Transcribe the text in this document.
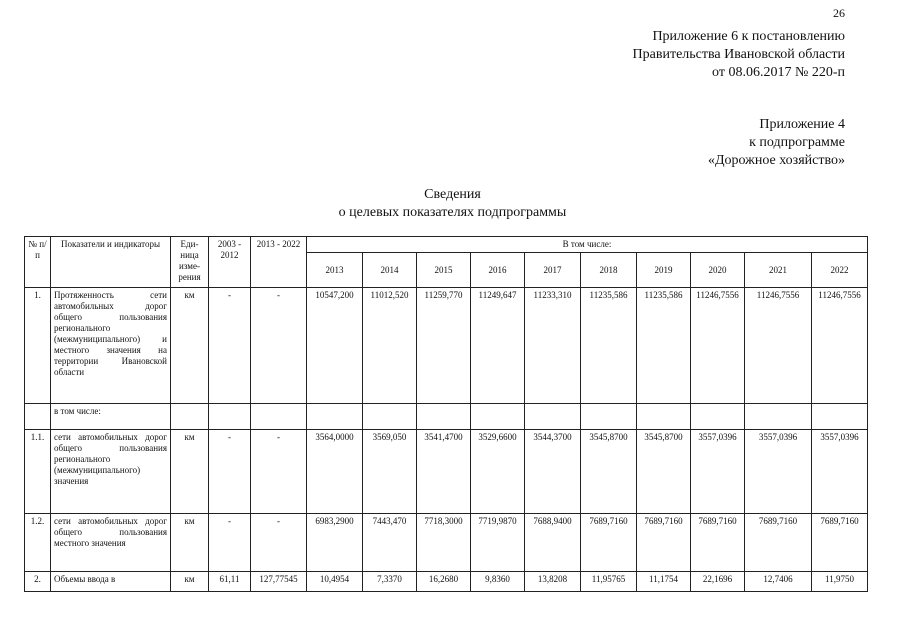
26
Приложение 6 к постановлению
Правительства Ивановской области
от 08.06.2017 № 220-п
Приложение 4
к подпрограмме
«Дорожное хозяйство»
Сведения
о целевых показателях подпрограммы
№ п/п	Показатели и индикаторы	Еди-ница изме-рения	2003 - 2012	2013 - 2022	В том числе:									
					2013	2014	2015	2016	2017	2018	2019	2020	2021	2022
1.	Протяженность сети автомобильных дорог общего пользования регионального (межмуниципального) и местного значения на территории Ивановской области	км	-	-	10547,200	11012,520	11259,770	11249,647	11233,310	11235,586	11235,586	11246,7556	11246,7556	11246,7556
	в том числе:													
1.1.	сети автомобильных дорог общего пользования регионального (межмуниципального) значения	км	-	-	3564,0000	3569,050	3541,4700	3529,6600	3544,3700	3545,8700	3545,8700	3557,0396	3557,0396	3557,0396
1.2.	сети автомобильных дорог общего пользования местного значения	км	-	-	6983,2900	7443,470	7718,3000	7719,9870	7688,9400	7689,7160	7689,7160	7689,7160	7689,7160	7689,7160
2.	Объемы ввода в	км	61,11	127,77545	10,4954	7,3370	16,2680	9,8360	13,8208	11,95765	11,1754	22,1696	12,7406	11,9750
